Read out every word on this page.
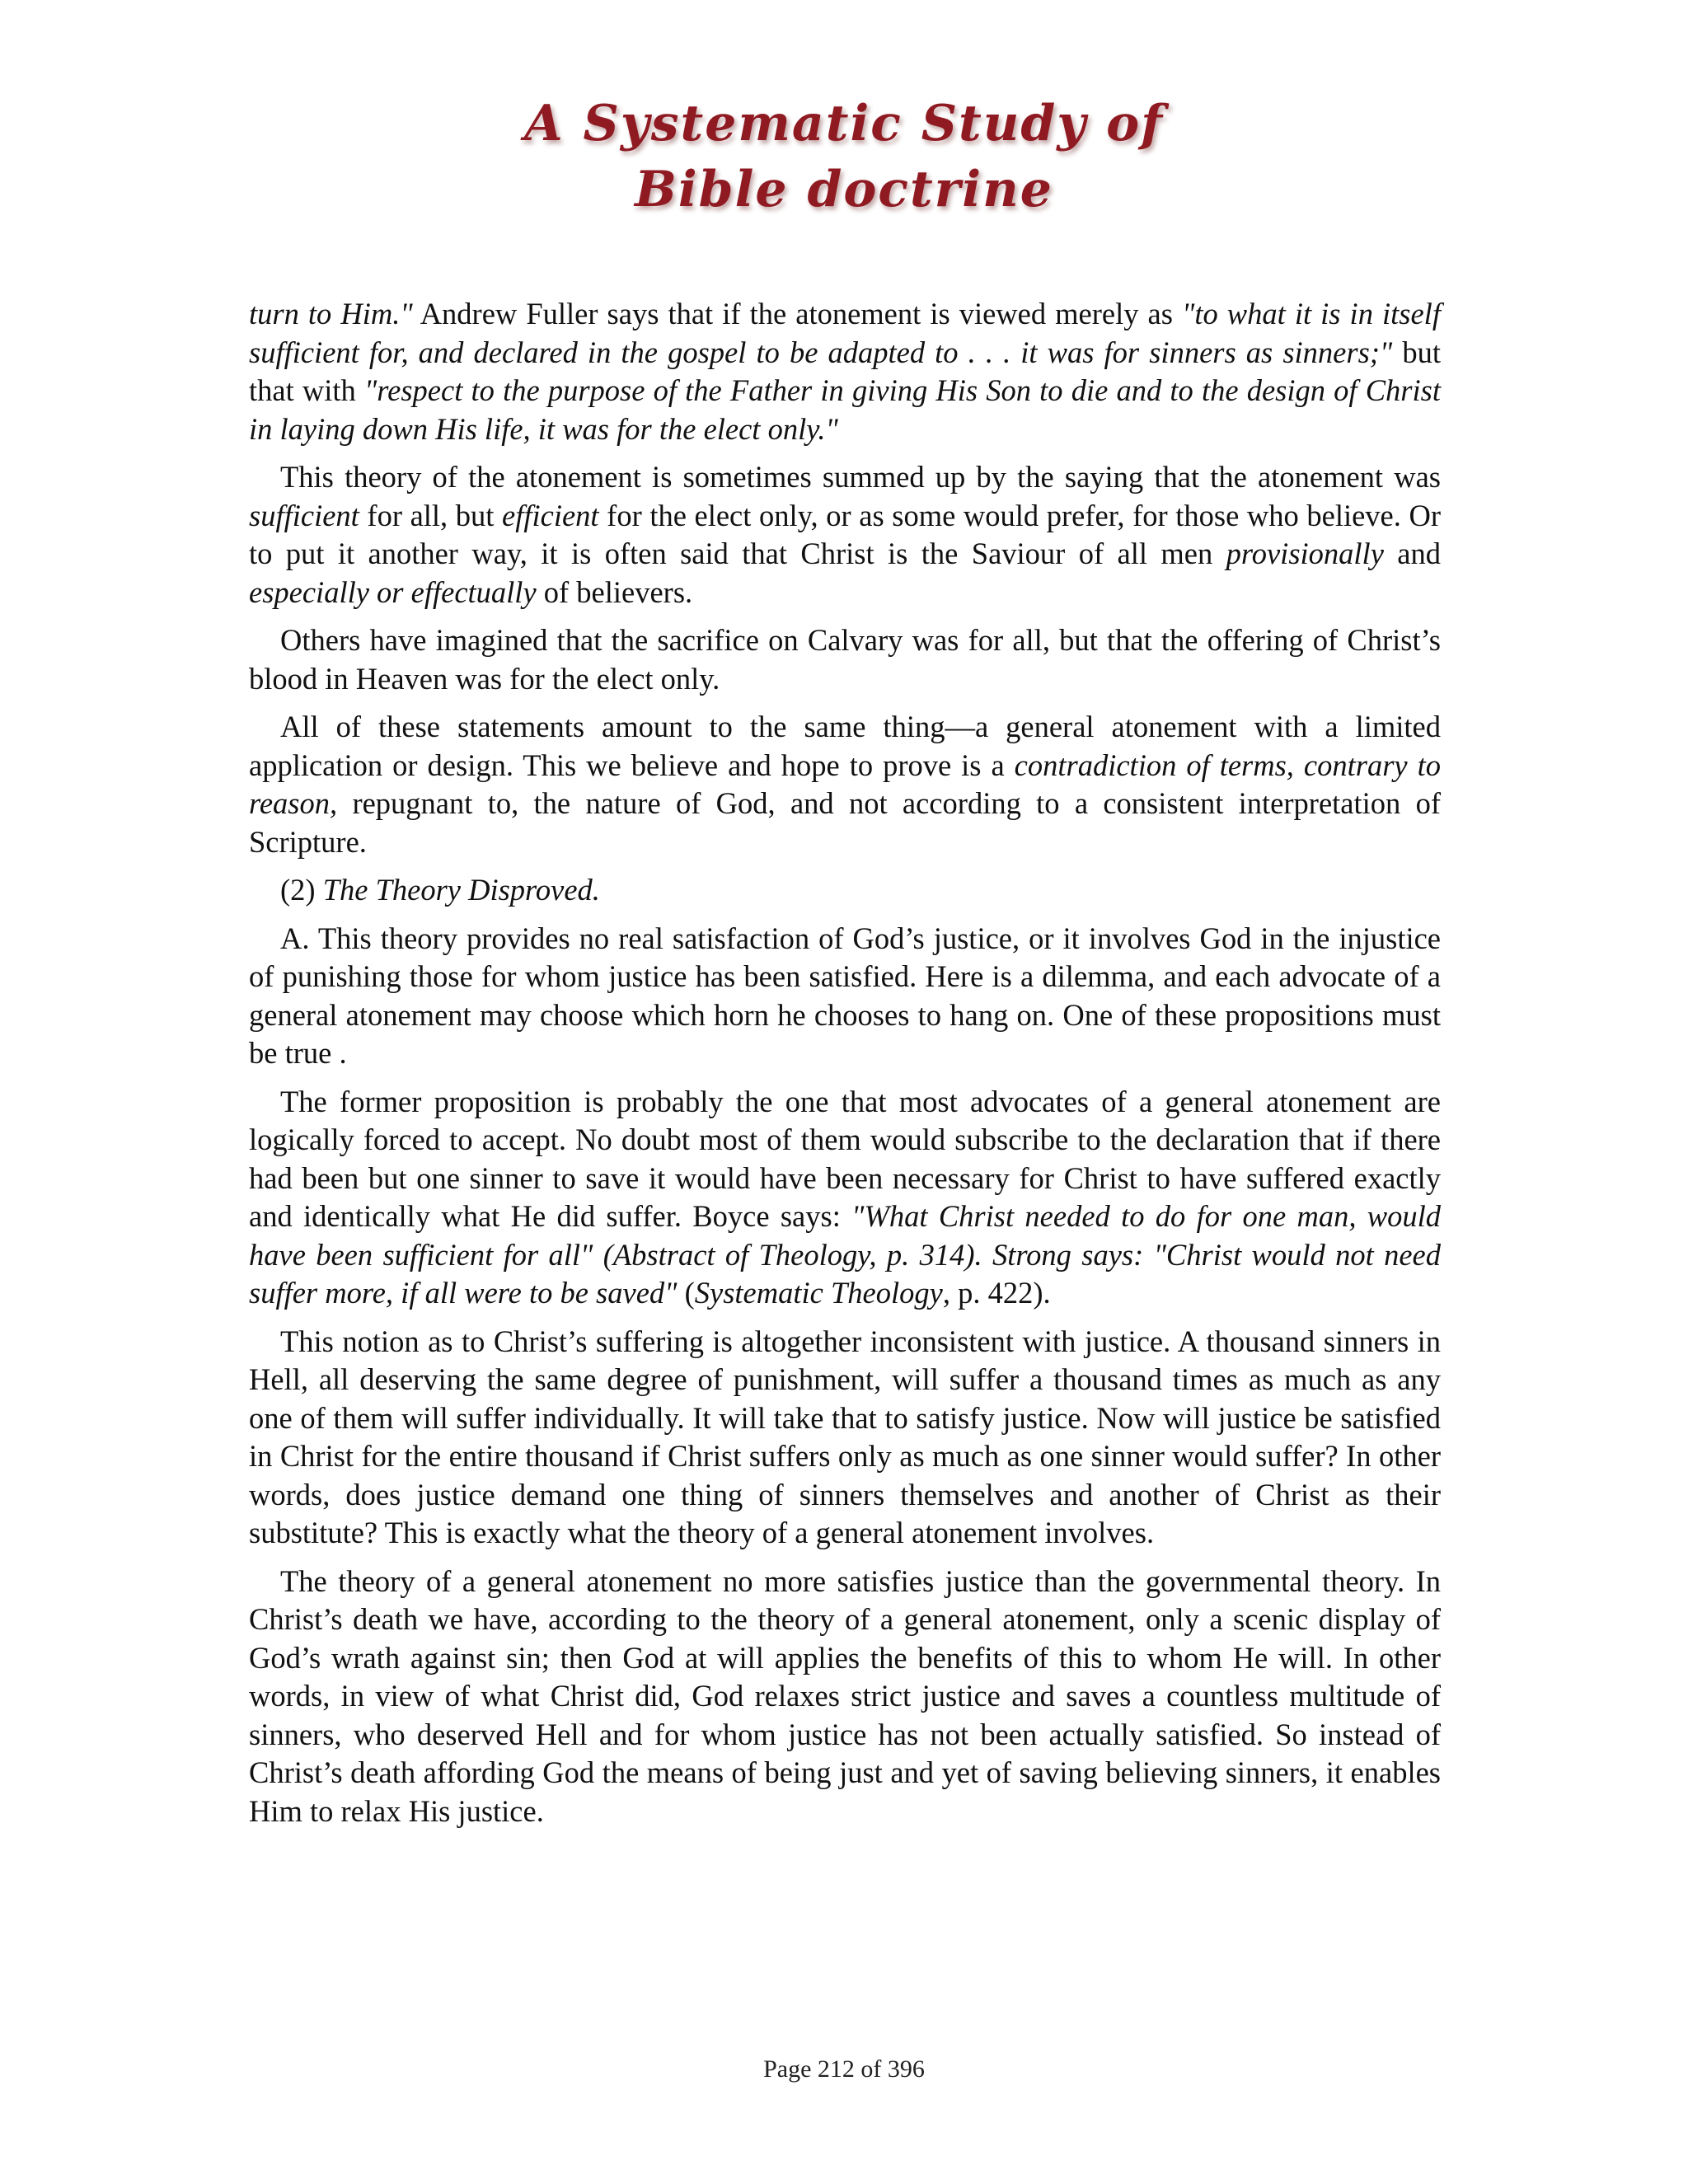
A Systematic Study of
Bible doctrine

turn to Him." Andrew Fuller says that if the atonement is viewed merely as "to what it is in itself sufficient for, and declared in the gospel to be adapted to . . . it was for sinners as sinners;" but that with "respect to the purpose of the Father in giving His Son to die and to the design of Christ in laying down His life, it was for the elect only."

This theory of the atonement is sometimes summed up by the saying that the atonement was sufficient for all, but efficient for the elect only, or as some would prefer, for those who believe. Or to put it another way, it is often said that Christ is the Saviour of all men provisionally and especially or effectually of believers.

Others have imagined that the sacrifice on Calvary was for all, but that the offering of Christ’s blood in Heaven was for the elect only.

All of these statements amount to the same thing—a general atonement with a limited application or design. This we believe and hope to prove is a contradiction of terms, contrary to reason, repugnant to, the nature of God, and not according to a consistent interpretation of Scripture.

(2) The Theory Disproved.

A. This theory provides no real satisfaction of God’s justice, or it involves God in the injustice of punishing those for whom justice has been satisfied. Here is a dilemma, and each advocate of a general atonement may choose which horn he chooses to hang on. One of these propositions must be true .

The former proposition is probably the one that most advocates of a general atonement are logically forced to accept. No doubt most of them would subscribe to the declaration that if there had been but one sinner to save it would have been necessary for Christ to have suffered exactly and identically what He did suffer. Boyce says: "What Christ needed to do for one man, would have been sufficient for all" (Abstract of Theology, p. 314). Strong says: "Christ would not need suffer more, if all were to be saved" (Systematic Theology, p. 422).

This notion as to Christ’s suffering is altogether inconsistent with justice. A thousand sinners in Hell, all deserving the same degree of punishment, will suffer a thousand times as much as any one of them will suffer individually. It will take that to satisfy justice. Now will justice be satisfied in Christ for the entire thousand if Christ suffers only as much as one sinner would suffer? In other words, does justice demand one thing of sinners themselves and another of Christ as their substitute? This is exactly what the theory of a general atonement involves.

The theory of a general atonement no more satisfies justice than the governmental theory. In Christ’s death we have, according to the theory of a general atonement, only a scenic display of God’s wrath against sin; then God at will applies the benefits of this to whom He will. In other words, in view of what Christ did, God relaxes strict justice and saves a countless multitude of sinners, who deserved Hell and for whom justice has not been actually satisfied. So instead of Christ’s death affording God the means of being just and yet of saving believing sinners, it enables Him to relax His justice.

Page 212 of 396
